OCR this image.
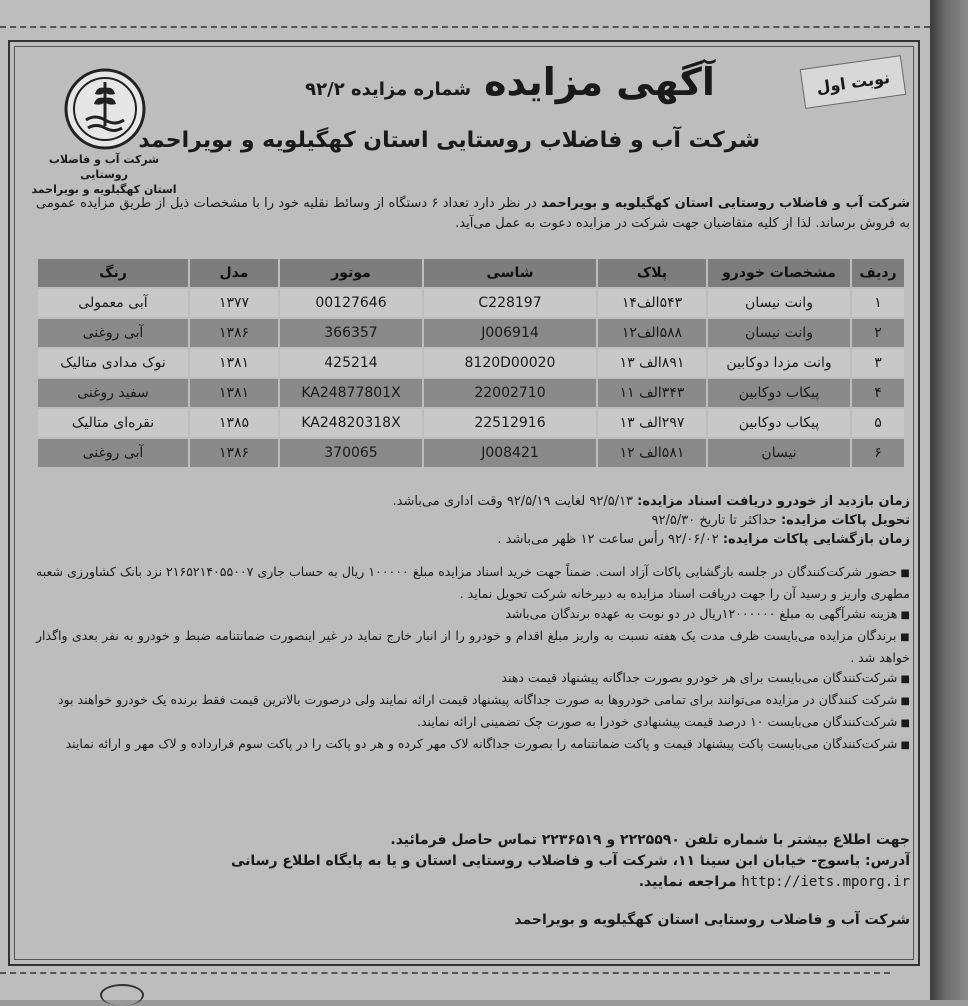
نوبت اول
آگهی مزایده شماره مزایده ۹۲/۲
شرکت آب و فاضلاب روستایی استان کهگیلویه و بویراحمد
شرکت آب و فاضلاب روستایی
استان کهگیلویه و بویراحمد
شرکت آب و فاضلاب روستایی استان کهگیلویه و بویراحمد در نظر دارد تعداد ۶ دستگاه از وسائط نقلیه خود را با مشخصات ذیل از طریق مزایده عمومی به فروش برساند. لذا از کلیه متقاضیان جهت شرکت در مزایده دعوت به عمل می‌آید.
ردیف	مشخصات خودرو	پلاک	شاسی	موتور	مدل	رنگ
۱	وانت نیسان	۵۴۳الف۱۴	C228197	00127646	۱۳۷۷	آبی معمولی
۲	وانت نیسان	۵۸۸الف۱۲	J006914	366357	۱۳۸۶	آبی روغنی
۳	وانت مزدا دوکابین	۸۹۱الف ۱۳	8120D00020	425214	۱۳۸۱	نوک مدادی متالیک
۴	پیکاب دوکابین	۳۴۳الف ۱۱	22002710	KA24877801X	۱۳۸۱	سفید روغنی
۵	پیکاب دوکابین	۲۹۷الف ۱۳	22512916	KA24820318X	۱۳۸۵	نقره‌ای متالیک
۶	نیسان	۵۸۱الف ۱۲	J008421	370065	۱۳۸۶	آبی روغنی
زمان بازدید از خودرو دریافت اسناد مزایده: ۹۲/۵/۱۳ لغایت ۹۲/۵/۱۹ وقت اداری می‌باشد.
تحویل پاکات مزایده: حداکثر تا تاریخ ۹۲/۵/۳۰
زمان بازگشایی پاکات مزایده: ۹۲/۰۶/۰۲ رأس ساعت ۱۲ ظهر می‌باشد .
■ حضور شرکت‌کنندگان در جلسه بازگشایی پاکات آزاد است. ضمناً جهت خرید اسناد مزایده مبلغ ۱۰۰۰۰۰ ریال به حساب جاری ۲۱۶۵۲۱۴۰۵۵۰۰۷ نزد بانک کشاورزی شعبه مطهری واریز و رسید آن را جهت دریافت اسناد مزایده به دبیرخانه شرکت تحویل نماید .
■ هزینه نشرآگهی به مبلغ ۱۲۰۰۰۰۰۰ریال در دو نوبت به عهده برندگان می‌باشد
■ برندگان مزایده می‌بایست ظرف مدت یک هفته نسبت به واریز مبلغ اقدام و خودرو را از انبار خارج نماید در غیر اینصورت ضمانتنامه ضبط و خودرو به نفر بعدی واگذار خواهد شد .
■ شرکت‌کنندگان می‌بایست برای هر خودرو بصورت جداگانه پیشنهاد قیمت دهند
■ شرکت کنندگان در مزایده می‌توانند برای تمامی خودروها به صورت جداگانه پیشنهاد قیمت ارائه نمایند ولی درصورت بالاترین قیمت فقط برنده یک خودرو خواهند بود
■ شرکت‌کنندگان می‌بایست ۱۰ درصد قیمت پیشنهادی خودرا به صورت چک تضمینی ارائه نمایند.
■ شرکت‌کنندگان می‌بایست پاکت پیشنهاد قیمت و پاکت ضمانتنامه را بصورت جداگانه لاک مهر کرده و هر دو پاکت را در پاکت سوم قرارداده و لاک مهر و ارائه نمایند
جهت اطلاع بیشتر با شماره تلفن ۲۲۲۵۵۹۰ و ۲۲۳۶۵۱۹ تماس حاصل فرمائید.
آدرس: یاسوج- خیابان ابن سینا ۱۱، شرکت آب و فاضلاب روستایی استان و یا به پایگاه اطلاع رسانی
http://iets.mporg.ir مراجعه نمایید.
شرکت آب و فاضلاب روستایی استان کهگیلویه و بویراحمد
